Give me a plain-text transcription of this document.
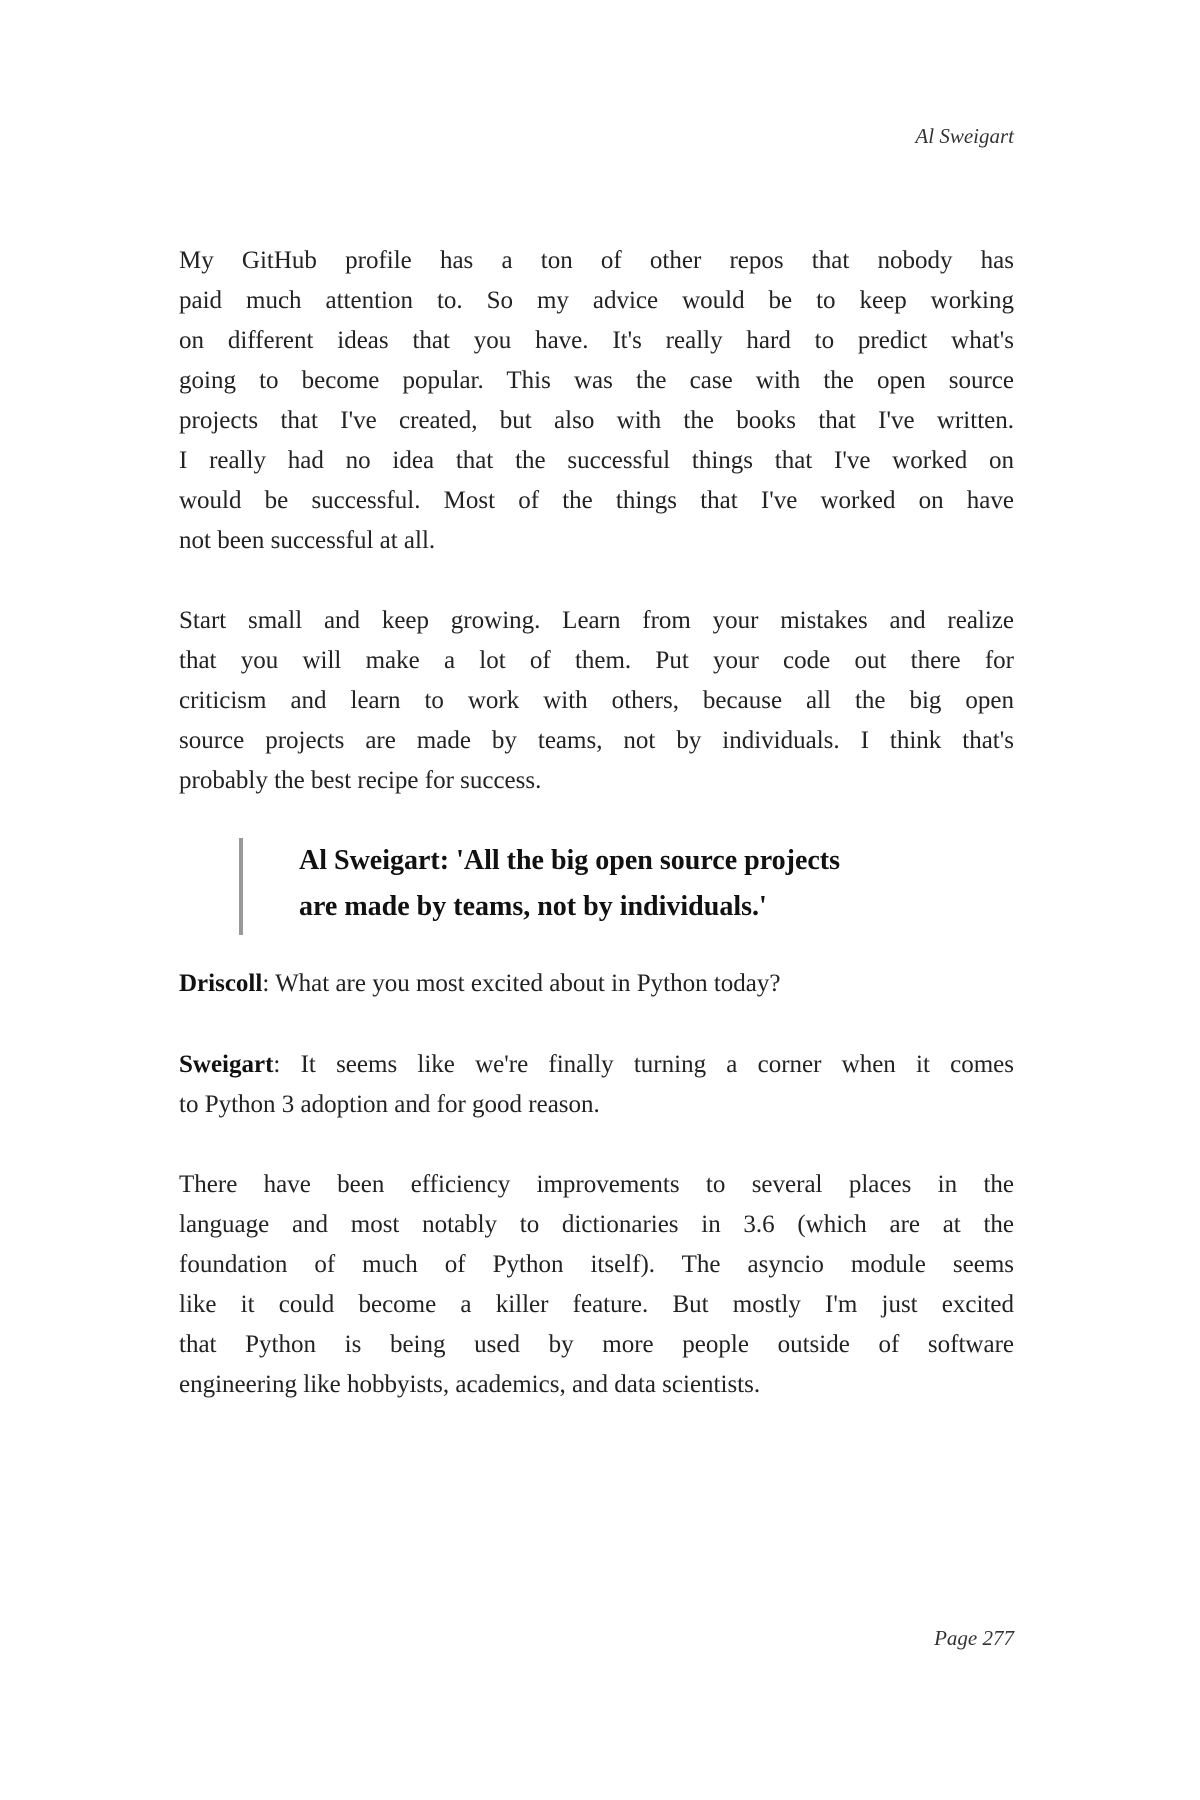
Al Sweigart
My GitHub profile has a ton of other repos that nobody has
paid much attention to. So my advice would be to keep working
on different ideas that you have. It's really hard to predict what's
going to become popular. This was the case with the open source
projects that I've created, but also with the books that I've written.
I really had no idea that the successful things that I've worked on
would be successful. Most of the things that I've worked on have
not been successful at all.
Start small and keep growing. Learn from your mistakes and realize
that you will make a lot of them. Put your code out there for
criticism and learn to work with others, because all the big open
source projects are made by teams, not by individuals. I think that's
probably the best recipe for success.
Al Sweigart: 'All the big open source projects
are made by teams, not by individuals.'
Driscoll: What are you most excited about in Python today?
Sweigart: It seems like we're finally turning a corner when it comes
to Python 3 adoption and for good reason.
There have been efficiency improvements to several places in the
language and most notably to dictionaries in 3.6 (which are at the
foundation of much of Python itself). The asyncio module seems
like it could become a killer feature. But mostly I'm just excited
that Python is being used by more people outside of software
engineering like hobbyists, academics, and data scientists.
Page 277
